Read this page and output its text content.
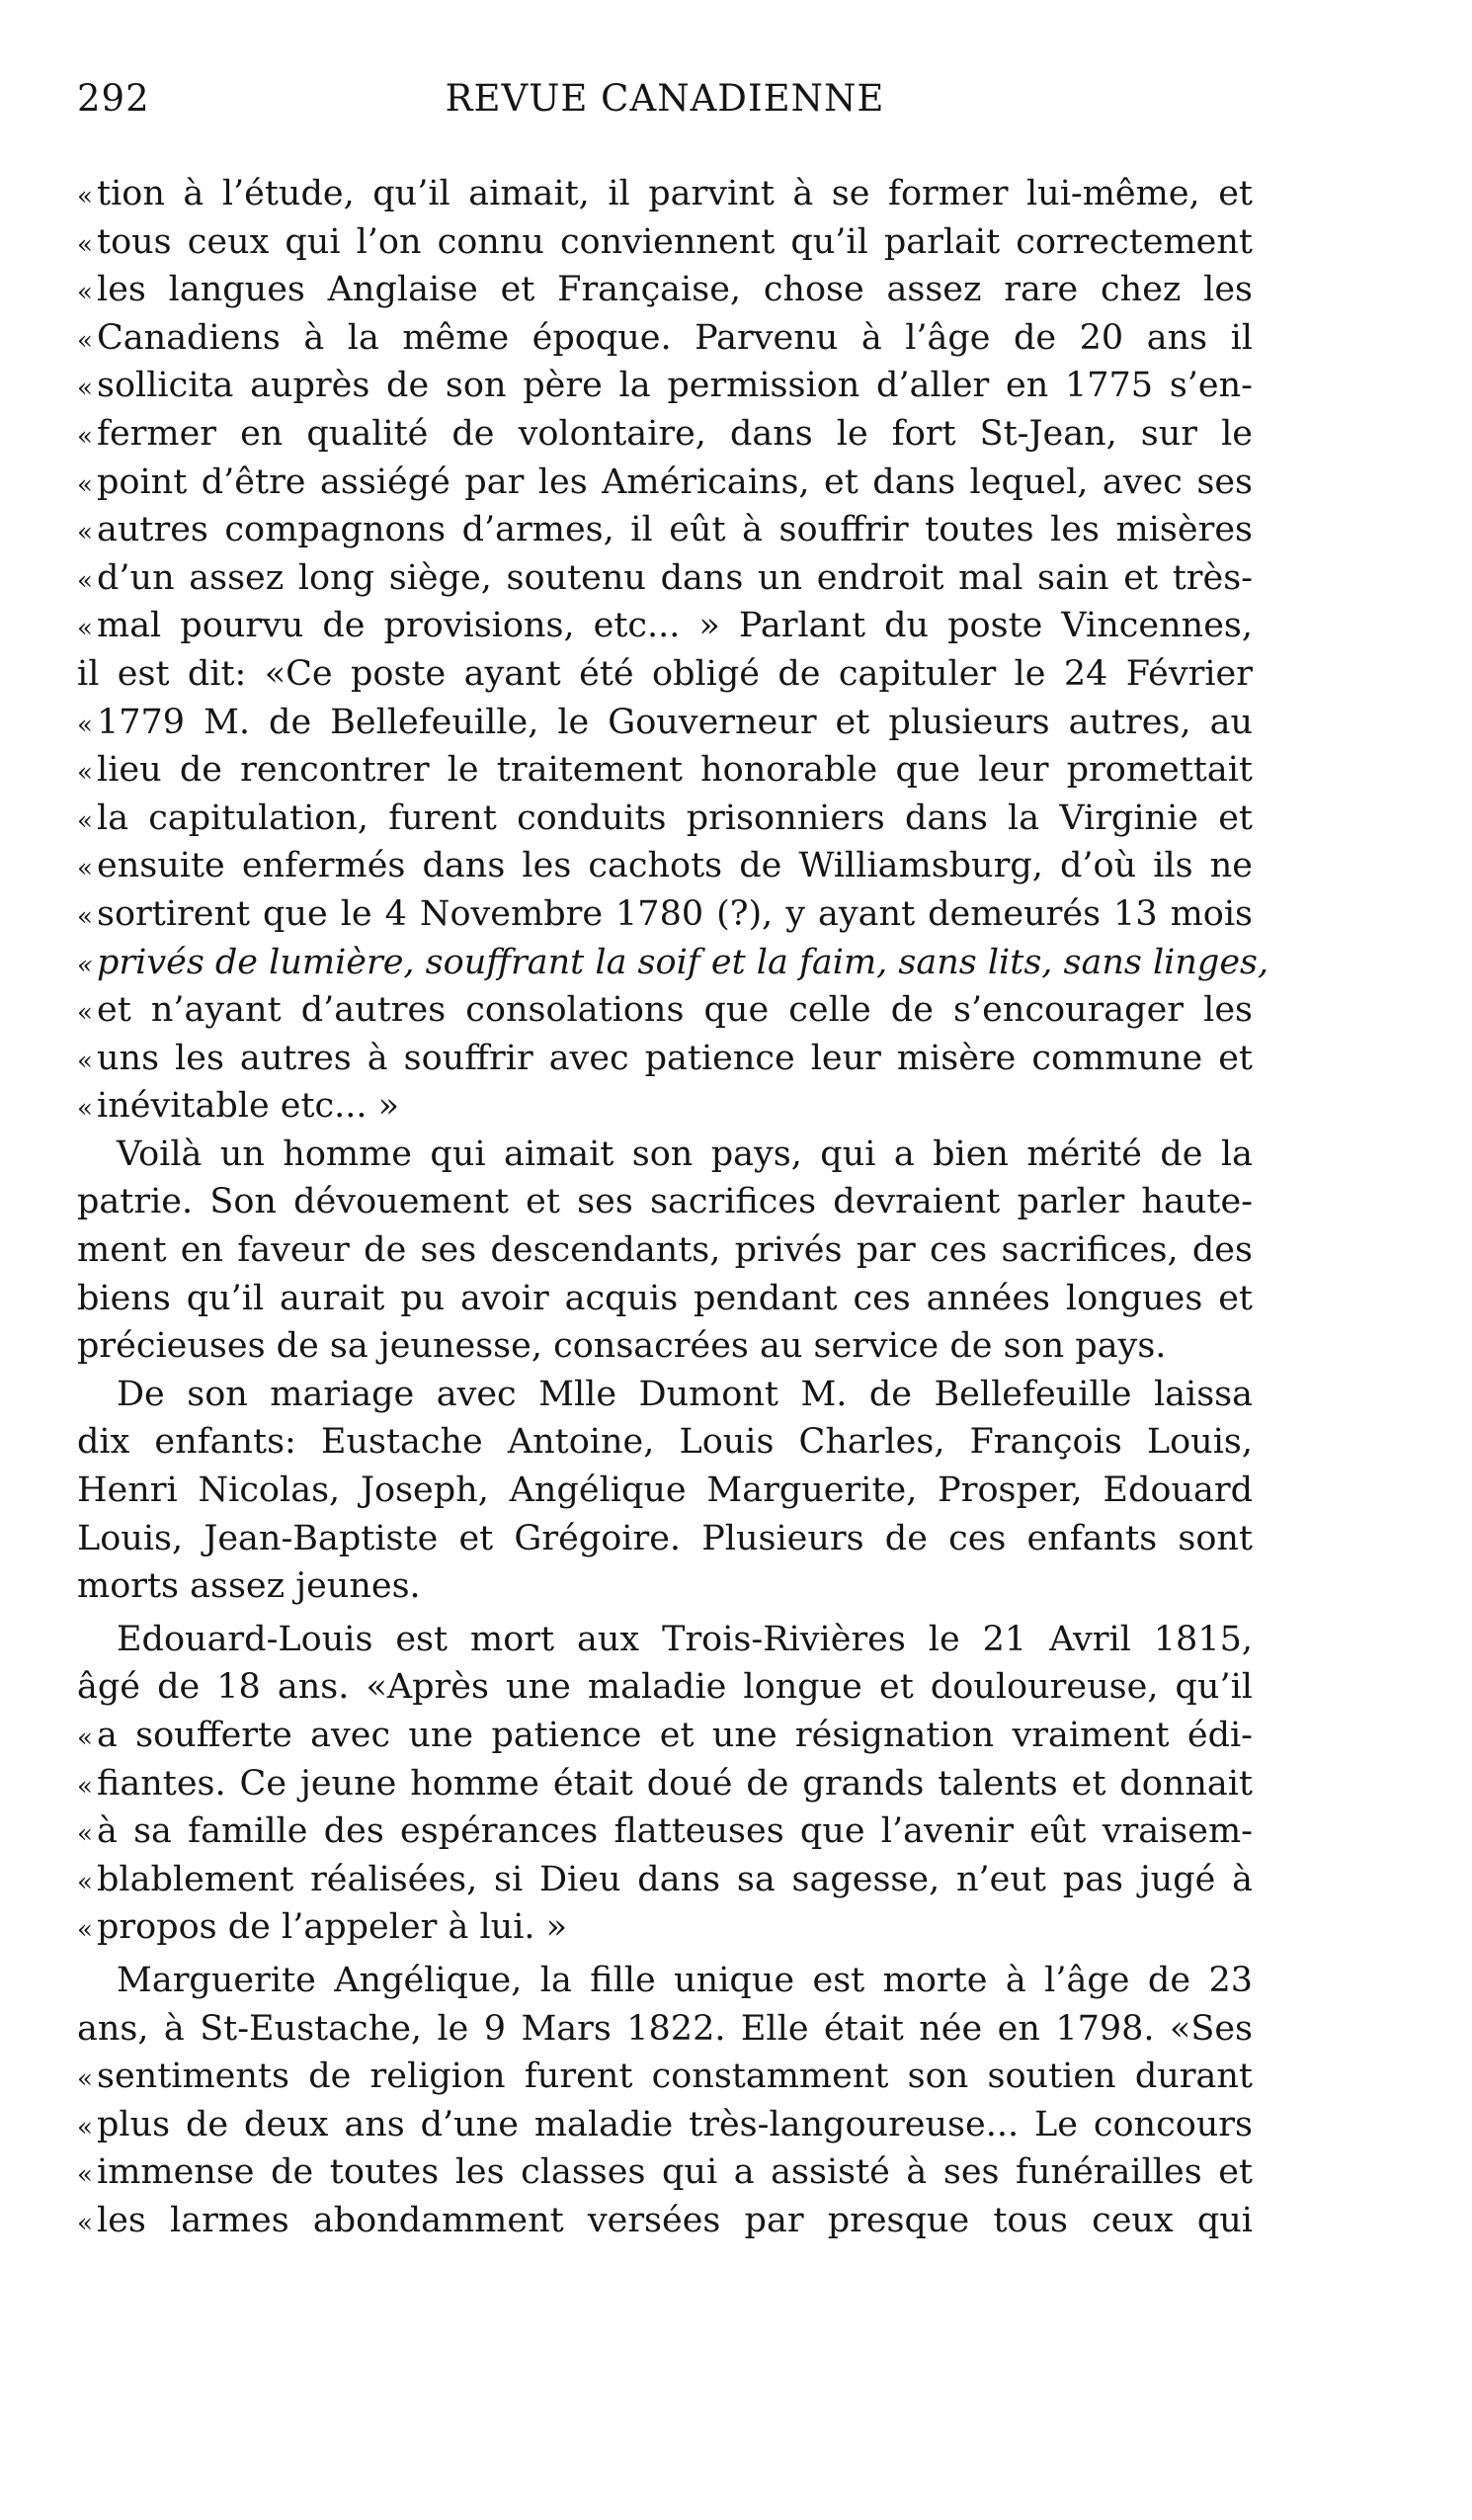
292	REVUE CANADIENNE
« tion à l’étude, qu’il aimait, il parvint à se former lui-même, et
« tous ceux qui l’on connu conviennent qu’il parlait correctement
« les langues Anglaise et Française, chose assez rare chez les
« Canadiens à la même époque. Parvenu à l’âge de 20 ans il
« sollicita auprès de son père la permission d’aller en 1775 s’en-
« fermer en qualité de volontaire, dans le fort St-Jean, sur le
« point d’être assiégé par les Américains, et dans lequel, avec ses
« autres compagnons d’armes, il eût à souffrir toutes les misères
« d’un assez long siège, soutenu dans un endroit mal sain et très-
« mal pourvu de provisions, etc... » Parlant du poste Vincennes,
il est dit: «Ce poste ayant été obligé de capituler le 24 Février
« 1779 M. de Bellefeuille, le Gouverneur et plusieurs autres, au
« lieu de rencontrer le traitement honorable que leur promettait
« la capitulation, furent conduits prisonniers dans la Virginie et
« ensuite enfermés dans les cachots de Williamsburg, d’où ils ne
« sortirent que le 4 Novembre 1780 (?), y ayant demeurés 13 mois
« privés de lumière, souffrant la soif et la faim, sans lits, sans linges,
« et n’ayant d’autres consolations que celle de s’encourager les
« uns les autres à souffrir avec patience leur misère commune et
« inévitable etc... »
Voilà un homme qui aimait son pays, qui a bien mérité de la
patrie. Son dévouement et ses sacrifices devraient parler haute-
ment en faveur de ses descendants, privés par ces sacrifices, des
biens qu’il aurait pu avoir acquis pendant ces années longues et
précieuses de sa jeunesse, consacrées au service de son pays.
De son mariage avec Mlle Dumont M. de Bellefeuille laissa
dix enfants: Eustache Antoine, Louis Charles, François Louis,
Henri Nicolas, Joseph, Angélique Marguerite, Prosper, Edouard
Louis, Jean-Baptiste et Grégoire. Plusieurs de ces enfants sont
morts assez jeunes.
Edouard-Louis est mort aux Trois-Rivières le 21 Avril 1815,
âgé de 18 ans. «Après une maladie longue et douloureuse, qu’il
« a soufferte avec une patience et une résignation vraiment édi-
« fiantes. Ce jeune homme était doué de grands talents et donnait
« à sa famille des espérances flatteuses que l’avenir eût vraisem-
« blablement réalisées, si Dieu dans sa sagesse, n’eut pas jugé à
« propos de l’appeler à lui. »
Marguerite Angélique, la fille unique est morte à l’âge de 23
ans, à St-Eustache, le 9 Mars 1822. Elle était née en 1798. «Ses
« sentiments de religion furent constamment son soutien durant
« plus de deux ans d’une maladie très-langoureuse... Le concours
« immense de toutes les classes qui a assisté à ses funérailles et
« les larmes abondamment versées par presque tous ceux qui
